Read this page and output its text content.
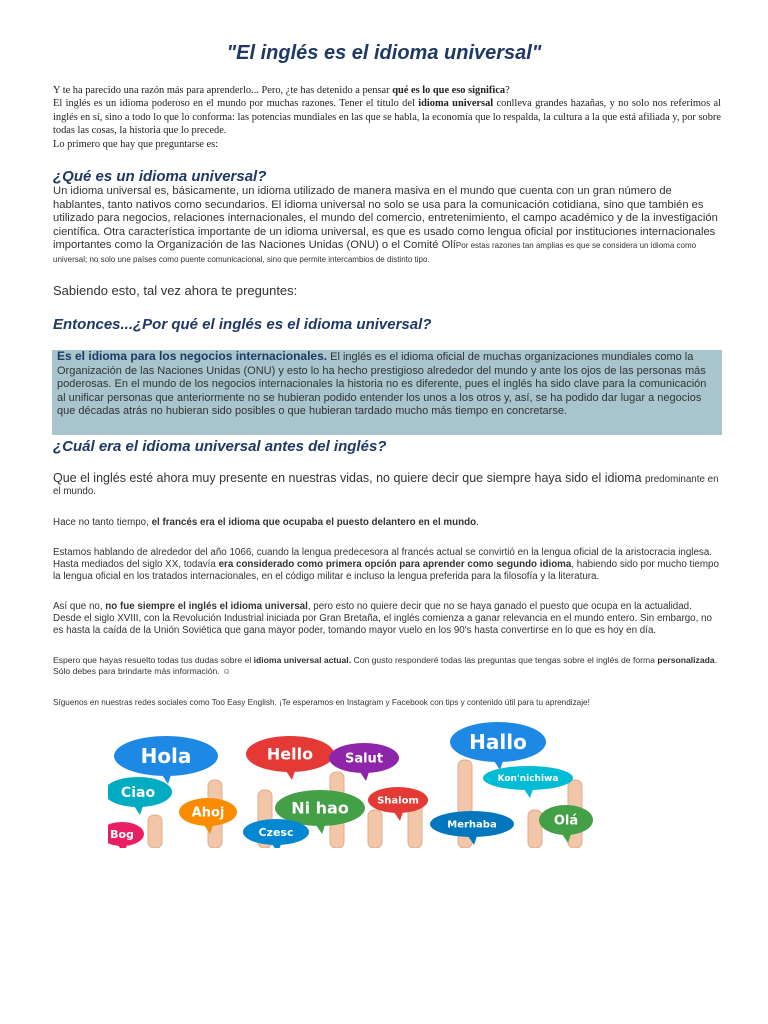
"El inglés es el idioma universal"

Y te ha parecido una razón más para aprenderlo... Pero, ¿te has detenido a pensar qué es lo que eso significa?

El inglés es un idioma poderoso en el mundo por muchas razones. Tener el título del idioma universal conlleva grandes hazañas, y no solo nos referimos al inglés en sí, sino a todo lo que lo conforma: las potencias mundiales en las que se habla, la economía que lo respalda, la cultura a la que está afiliada y, por sobre todas las cosas, la historia que lo precede.

Lo primero que hay que preguntarse es:

¿Qué es un idioma universal?

Un idioma universal es, básicamente, un idioma utilizado de manera masiva en el mundo que cuenta con un gran número de hablantes, tanto nativos como secundarios. El idioma universal no solo se usa para la comunicación cotidiana, sino que también es utilizado para negocios, relaciones internacionales, el mundo del comercio, entretenimiento, el campo académico y de la investigación científica. Otra característica importante de un idioma universal, es que es usado como lengua oficial por instituciones internacionales importantes como la Organización de las Naciones Unidas (ONU) o el Comité OlíPor estas razones tan amplias es que se considera un idioma como universal; no solo une países como puente comunicacional, sino que permite intercambios de distinto tipo.

Sabiendo esto, tal vez ahora te preguntes:
Entonces...¿Por qué el inglés es el idioma universal?
Es el idioma para los negocios internacionales. El inglés es el idioma oficial de muchas organizaciones mundiales como la Organización de las Naciones Unidas (ONU) y esto lo ha hecho prestigioso alrededor del mundo y ante los ojos de las personas más poderosas. En el mundo de los negocios internacionales la historia no es diferente, pues el inglés ha sido clave para la comunicación al unificar personas que anteriormente no se hubieran podido entender los unos a los otros y, así, se ha podido dar lugar a negocios que décadas atrás no hubieran sido posibles o que hubieran tardado mucho más tiempo en concretarse.
¿Cuál era el idioma universal antes del inglés?

Que el inglés esté ahora muy presente en nuestras vidas, no quiere decir que siempre haya sido el idioma predominante en el mundo.

Hace no tanto tiempo, el francés era el idioma que ocupaba el puesto delantero en el mundo.

Estamos hablando de alrededor del año 1066, cuando la lengua predecesora al francés actual se convirtió en la lengua oficial de la aristocracia inglesa. Hasta mediados del siglo XX, todavía era considerado como primera opción para aprender como segundo idioma, habiendo sido por mucho tiempo la lengua oficial en los tratados internacionales, en el código militar e incluso la lengua preferida para la filosofía y la literatura.

Así que no, no fue siempre el inglés el idioma universal, pero esto no quiere decir que no se haya ganado el puesto que ocupa en la actualidad. Desde el siglo XVIII, con la Revolución Industrial iniciada por Gran Bretaña, el inglés comienza a ganar relevancia en el mundo entero. Sin embargo, no es hasta la caída de la Unión Soviética que gana mayor poder, tomando mayor vuelo en los 90's hasta convertirse en lo que es hoy en día.

Espero que hayas resuelto todas tus dudas sobre el idioma universal actual. Con gusto responderé todas las preguntas que tengas sobre el inglés de forma personalizada. Sólo debes para brindarte más información. ☺

Síguenos en nuestras redes sociales como Too Easy English. ¡Te esperamos en Instagram y Facebook con tips y contenido útil para tu aprendizaje!

Hola	Hello Salut
Hallo
Ciao
Ahoj	Ni hao	Shalom
Kon'nichiwa
Bog	Czesc
Merhaba	Olá
